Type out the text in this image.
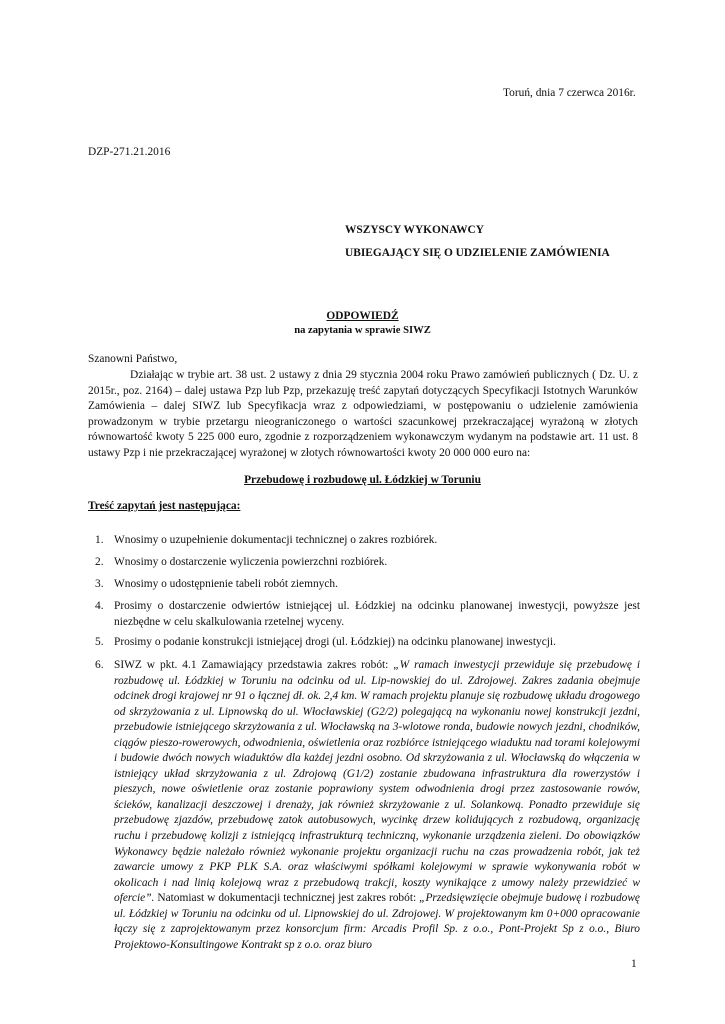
Toruń, dnia 7 czerwca 2016r.
DZP-271.21.2016
WSZYSCY WYKONAWCY
UBIEGAJĄCY SIĘ O UDZIELENIE ZAMÓWIENIA
ODPOWIEDŹ
na zapytania w sprawie SIWZ
Szanowni Państwo,
Działając w trybie art. 38 ust. 2 ustawy z dnia 29 stycznia 2004 roku Prawo zamówień publicznych ( Dz. U. z 2015r., poz. 2164) – dalej ustawa Pzp lub Pzp, przekazuję treść zapytań dotyczących Specyfikacji Istotnych Warunków Zamówienia – dalej SIWZ lub Specyfikacja wraz z odpowiedziami, w postępowaniu o udzielenie zamówienia prowadzonym w trybie przetargu nieograniczonego o wartości szacunkowej przekraczającej wyrażoną w złotych równowartość kwoty 5 225 000 euro, zgodnie z rozporządzeniem wykonawczym wydanym na podstawie art. 11 ust. 8 ustawy Pzp i nie przekraczającej wyrażonej w złotych równowartości kwoty 20 000 000 euro na:
Przebudowę i rozbudowę ul. Łódzkiej w Toruniu
Treść zapytań jest następująca:
1. Wnosimy o uzupełnienie dokumentacji technicznej o zakres rozbiórek.
2. Wnosimy o dostarczenie wyliczenia powierzchni rozbiórek.
3. Wnosimy o udostępnienie tabeli robót ziemnych.
4. Prosimy o dostarczenie odwiertów istniejącej ul. Łódzkiej na odcinku planowanej inwestycji, powyższe jest niezbędne w celu skalkulowania rzetelnej wyceny.
5. Prosimy o podanie konstrukcji istniejącej drogi (ul. Łódzkiej) na odcinku planowanej inwestycji.
6. SIWZ w pkt. 4.1 Zamawiający przedstawia zakres robót: „W ramach inwestycji przewiduje się przebudowę i rozbudowę ul. Łódzkiej w Toruniu na odcinku od ul. Lip-nowskiej do ul. Zdrojowej. Zakres zadania obejmuje odcinek drogi krajowej nr 91 o łącznej dł. ok. 2,4 km. W ramach projektu planuje się rozbudowę układu drogowego od skrzyżowania z ul. Lipnowską do ul. Włocławskiej (G2/2) polegającą na wykonaniu nowej konstrukcji jezdni, przebudowie istniejącego skrzyżowania z ul. Włocławską na 3-wlotowe ronda, budowie nowych jezdni, chodników, ciągów pieszo-rowerowych, odwodnienia, oświetlenia oraz rozbiórce istniejącego wiaduktu nad torami kolejowymi i budowie dwóch nowych wiaduktów dla każdej jezdni osobno. Od skrzyżowania z ul. Włocławską do włączenia w istniejący układ skrzyżowania z ul. Zdrojową (G1/2) zostanie zbudowana infrastruktura dla rowerzystów i pieszych, nowe oświetlenie oraz zostanie poprawiony system odwodnienia drogi przez zastosowanie rowów, ścieków, kanalizacji deszczowej i drenaży, jak również skrzyżowanie z ul. Solankową. Ponadto przewiduje się przebudowę zjazdów, przebudowę zatok autobusowych, wycinkę drzew kolidujących z rozbudową, organizację ruchu i przebudowę kolizji z istniejącą infrastrukturą techniczną, wykonanie urządzenia zieleni. Do obowiązków Wykonawcy będzie należało również wykonanie projektu organizacji ruchu na czas prowadzenia robót, jak też zawarcie umowy z PKP PLK S.A. oraz właściwymi spółkami kolejowymi w sprawie wykonywania robót w okolicach i nad linią kolejową wraz z przebudową trakcji, koszty wynikające z umowy należy przewidzieć w ofercie”. Natomiast w dokumentacji technicznej jest zakres robót: „Przedsięwzięcie obejmuje budowę i rozbudowę ul. Łódzkiej w Toruniu na odcinku od ul. Lipnowskiej do ul. Zdrojowej. W projektowanym km 0+000 opracowanie łączy się z zaprojektowanym przez konsorcjum firm: Arcadis Profil Sp. z o.o., Pont-Projekt Sp z o.o., Biuro Projektowo-Konsultingowe Kontrakt sp z o.o. oraz biuro
1
